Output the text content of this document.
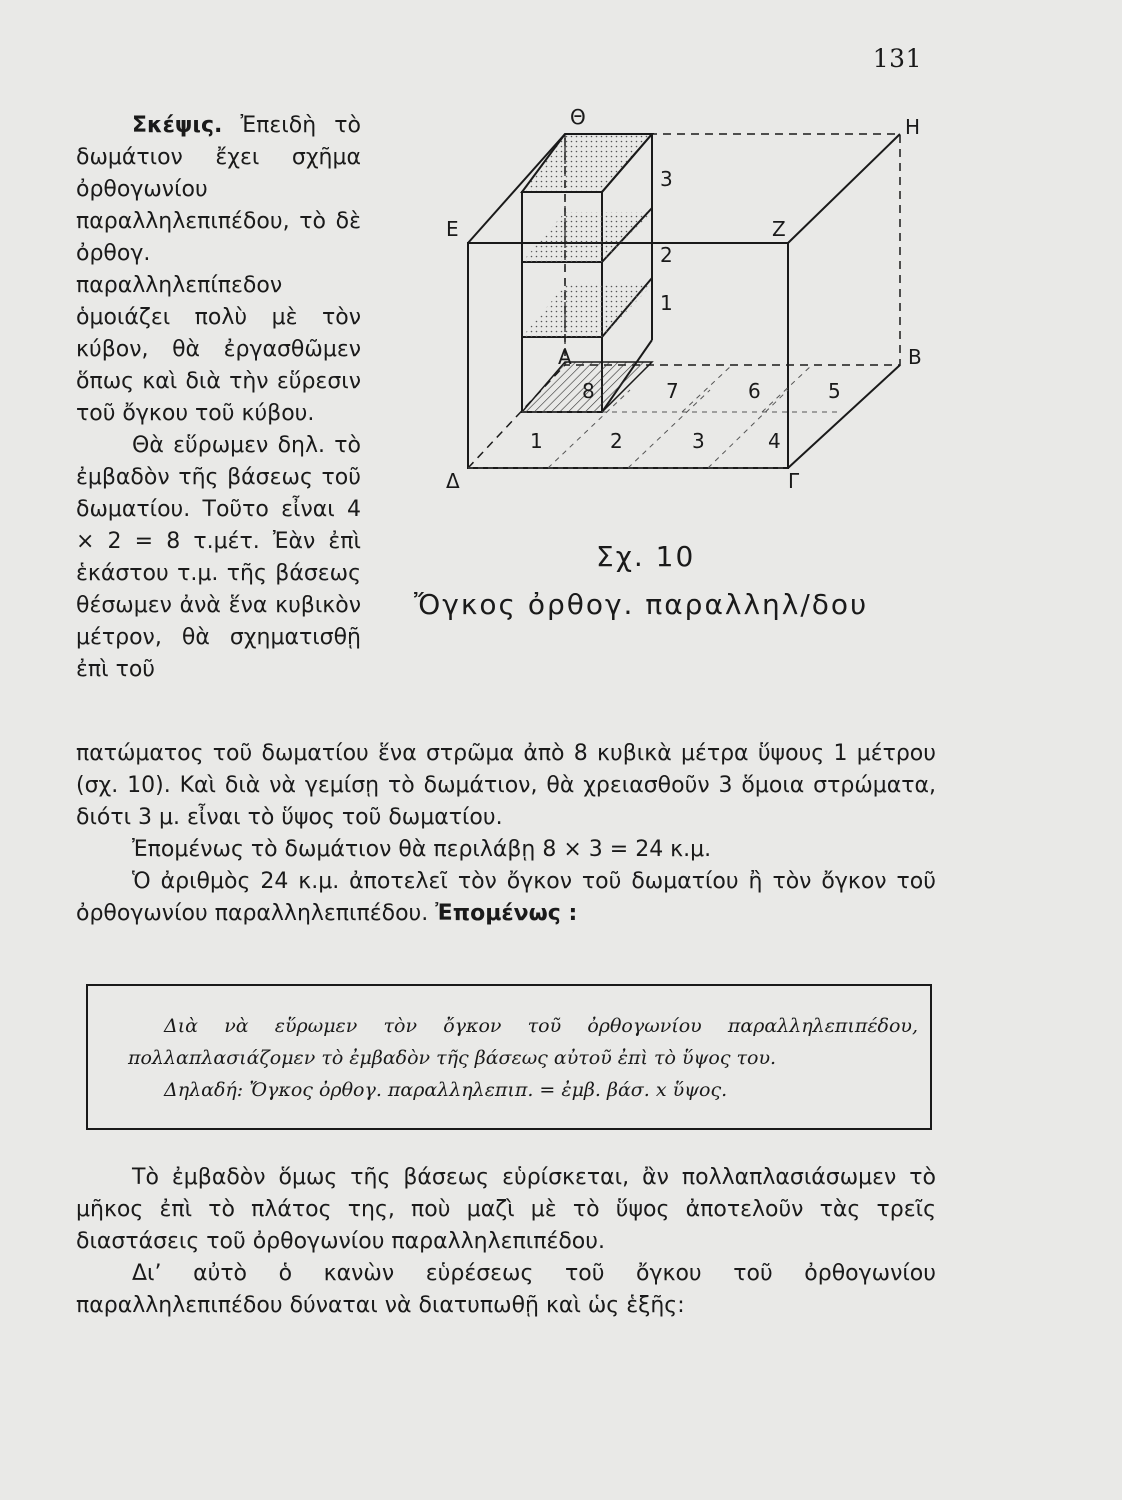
131

Σκέψις. Ἐπειδὴ τὸ δωμάτιον ἔχει σχῆμα ὀρθογωνίου παραλληλεπιπέδου, τὸ δὲ ὀρθογ. παραλληλεπίπεδον ὁμοιάζει πολὺ μὲ τὸν κύβον, θὰ ἐργασθῶμεν ὅπως καὶ διὰ τὴν εὕρεσιν τοῦ ὄγκου τοῦ κύβου.

Θὰ εὕρωμεν δηλ. τὸ ἐμβαδὸν τῆς βάσεως τοῦ δωματίου. Τοῦτο εἶναι 4 × 2 = 8 τ.μέτ. Ἐὰν ἐπὶ ἑκάστου τ.μ. τῆς βάσεως θέσωμεν ἀνὰ ἕνα κυβικὸν μέτρον, θὰ σχηματισθῇ ἐπὶ τοῦ

Θ	Η
Ε	Ζ
Α	Β
Δ	Γ
1
2
3
8	7	6	5
1	2	3	4
Σχ. 10
Ὄγκος ὀρθογ. παραλληλ/δου

πατώματος τοῦ δωματίου ἕνα στρῶμα ἀπὸ 8 κυβικὰ μέτρα ὕψους 1 μέτρου (σχ. 10). Καὶ διὰ νὰ γεμίσῃ τὸ δωμάτιον, θὰ χρειασθοῦν 3 ὅμοια στρώματα, διότι 3 μ. εἶναι τὸ ὕψος τοῦ δωματίου.

Ἐπομένως τὸ δωμάτιον θὰ περιλάβῃ 8 × 3 = 24 κ.μ.

Ὁ ἀριθμὸς 24 κ.μ. ἀποτελεῖ τὸν ὄγκον τοῦ δωματίου ἢ τὸν ὄγκον τοῦ ὀρθογωνίου παραλληλεπιπέδου. Ἐπομένως :

Διὰ νὰ εὕρωμεν τὸν ὄγκον τοῦ ὀρθογωνίου παραλληλεπιπέδου, πολλαπλασιάζομεν τὸ ἐμβαδὸν τῆς βάσεως αὐτοῦ ἐπὶ τὸ ὕψος του.

Δηλαδή: Ὄγκος ὀρθογ. παραλληλεπιπ. = ἐμβ. βάσ. x ὕψος.

Τὸ ἐμβαδὸν ὅμως τῆς βάσεως εὑρίσκεται, ἂν πολλαπλασιάσωμεν τὸ μῆκος ἐπὶ τὸ πλάτος της, ποὺ μαζὶ μὲ τὸ ὕψος ἀποτελοῦν τὰς τρεῖς διαστάσεις τοῦ ὀρθογωνίου παραλληλεπιπέδου.

Δι’ αὐτὸ ὁ κανὼν εὑρέσεως τοῦ ὄγκου τοῦ ὀρθογωνίου παραλληλεπιπέδου δύναται νὰ διατυπωθῇ καὶ ὡς ἑξῆς:
